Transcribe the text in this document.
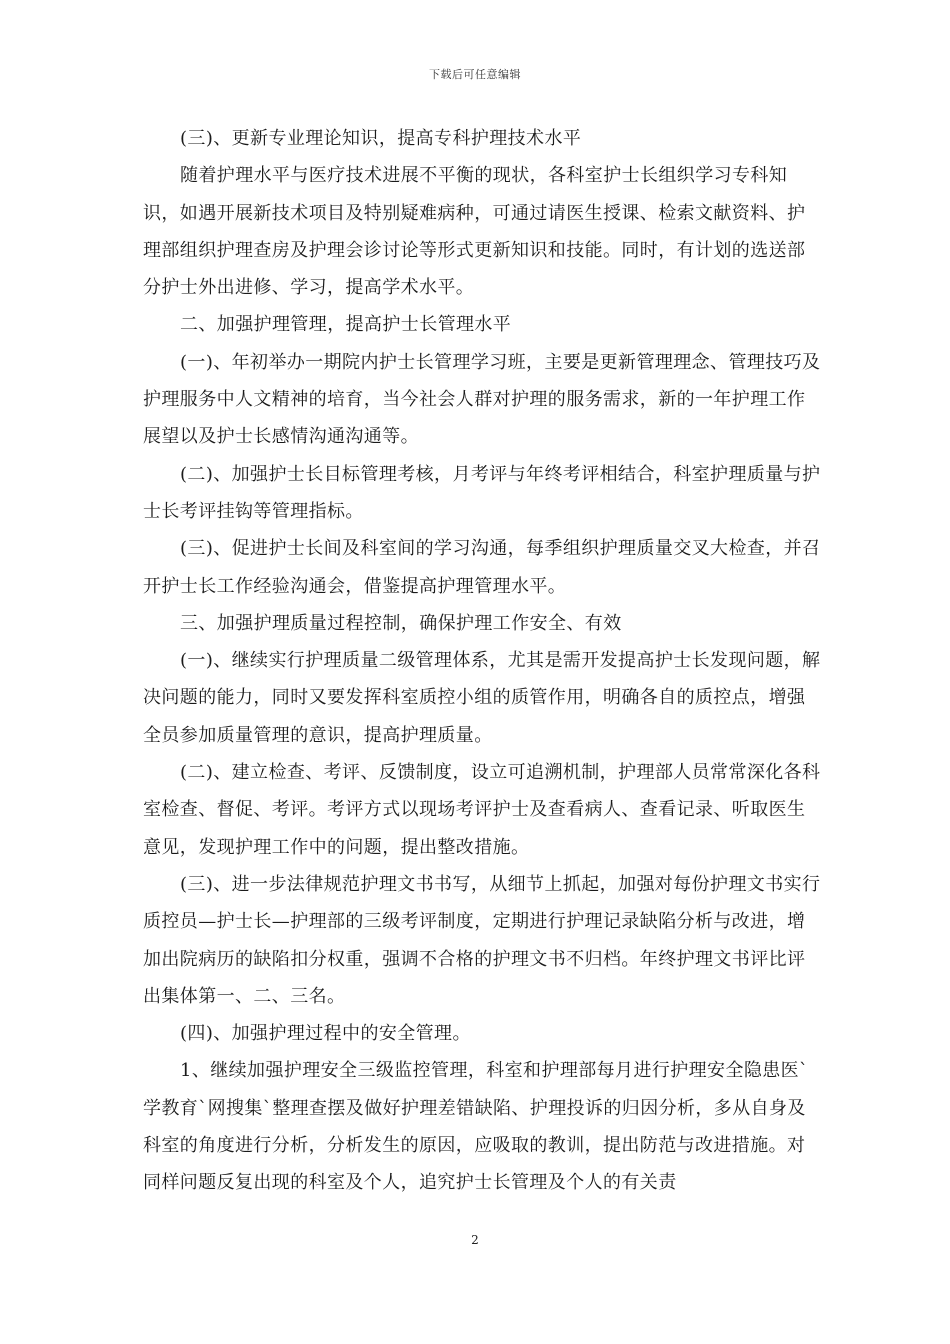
下载后可任意编辑

(三)、更新专业理论知识，提高专科护理技术水平

随着护理水平与医疗技术进展不平衡的现状，各科室护士长组织学习专科知识，如遇开展新技术项目及特别疑难病种，可通过请医生授课、检索文献资料、护理部组织护理查房及护理会诊讨论等形式更新知识和技能。同时，有计划的选送部分护士外出进修、学习，提高学术水平。

二、加强护理管理，提高护士长管理水平

(一)、年初举办一期院内护士长管理学习班，主要是更新管理理念、管理技巧及护理服务中人文精神的培育，当今社会人群对护理的服务需求，新的一年护理工作展望以及护士长感情沟通沟通等。

(二)、加强护士长目标管理考核，月考评与年终考评相结合，科室护理质量与护士长考评挂钩等管理指标。

(三)、促进护士长间及科室间的学习沟通，每季组织护理质量交叉大检查，并召开护士长工作经验沟通会，借鉴提高护理管理水平。

三、加强护理质量过程控制，确保护理工作安全、有效

(一)、继续实行护理质量二级管理体系，尤其是需开发提高护士长发现问题，解决问题的能力，同时又要发挥科室质控小组的质管作用，明确各自的质控点，增强全员参加质量管理的意识，提高护理质量。

(二)、建立检查、考评、反馈制度，设立可追溯机制，护理部人员常常深化各科室检查、督促、考评。考评方式以现场考评护士及查看病人、查看记录、听取医生意见，发现护理工作中的问题，提出整改措施。

(三)、进一步法律规范护理文书书写，从细节上抓起，加强对每份护理文书实行质控员—护士长—护理部的三级考评制度，定期进行护理记录缺陷分析与改进，增加出院病历的缺陷扣分权重，强调不合格的护理文书不归档。年终护理文书评比评出集体第一、二、三名。

(四)、加强护理过程中的安全管理。

1、继续加强护理安全三级监控管理，科室和护理部每月进行护理安全隐患医`学教育`网搜集`整理查摆及做好护理差错缺陷、护理投诉的归因分析，多从自身及科室的角度进行分析，分析发生的原因，应吸取的教训，提出防范与改进措施。对同样问题反复出现的科室及个人，追究护士长管理及个人的有关责

2
